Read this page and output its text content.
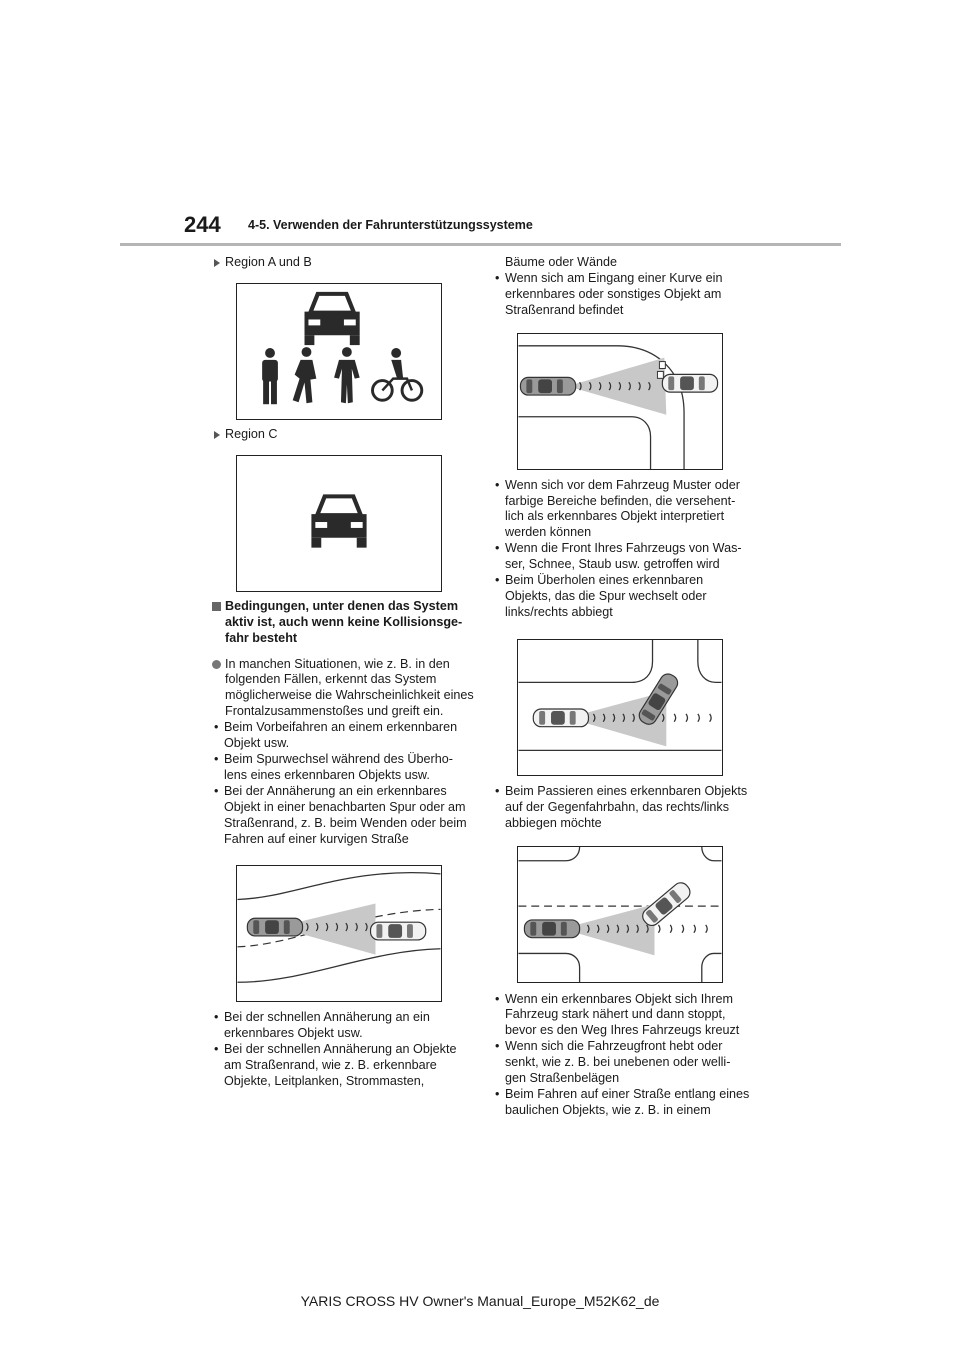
244 4-5. Verwenden der Fahrunterstützungssysteme

Region A und B

Region C

Bedingungen, unter denen das System aktiv ist, auch wenn keine Kollisionsge-fahr besteht
In manchen Situationen, wie z. B. in den folgenden Fällen, erkennt das System möglicherweise die Wahrscheinlichkeit eines Frontalzusammenstoßes und greift ein.
• Beim Vorbeifahren an einem erkennbaren Objekt usw.
• Beim Spurwechsel während des Überho-lens eines erkennbaren Objekts usw.
• Bei der Annäherung an ein erkennbares Objekt in einer benachbarten Spur oder am Straßenrand, z. B. beim Wenden oder beim Fahren auf einer kurvigen Straße
• Bei der schnellen Annäherung an ein erkennbares Objekt usw.
• Bei der schnellen Annäherung an Objekte am Straßenrand, wie z. B. erkennbare Objekte, Leitplanken, Strommasten,
Bäume oder Wände
• Wenn sich am Eingang einer Kurve ein erkennbares oder sonstiges Objekt am Straßenrand befindet
• Wenn sich vor dem Fahrzeug Muster oder farbige Bereiche befinden, die versehent-lich als erkennbares Objekt interpretiert werden können
• Wenn die Front Ihres Fahrzeugs von Was-ser, Schnee, Staub usw. getroffen wird
• Beim Überholen eines erkennbaren Objekts, das die Spur wechselt oder links/rechts abbiegt
• Beim Passieren eines erkennbaren Objekts auf der Gegenfahrbahn, das rechts/links abbiegen möchte
• Wenn ein erkennbares Objekt sich Ihrem Fahrzeug stark nähert und dann stoppt, bevor es den Weg Ihres Fahrzeugs kreuzt
• Wenn sich die Fahrzeugfront hebt oder senkt, wie z. B. bei unebenen oder welli-gen Straßenbelägen
• Beim Fahren auf einer Straße entlang eines baulichen Objekts, wie z. B. in einem
YARIS CROSS HV Owner's Manual_Europe_M52K62_de
